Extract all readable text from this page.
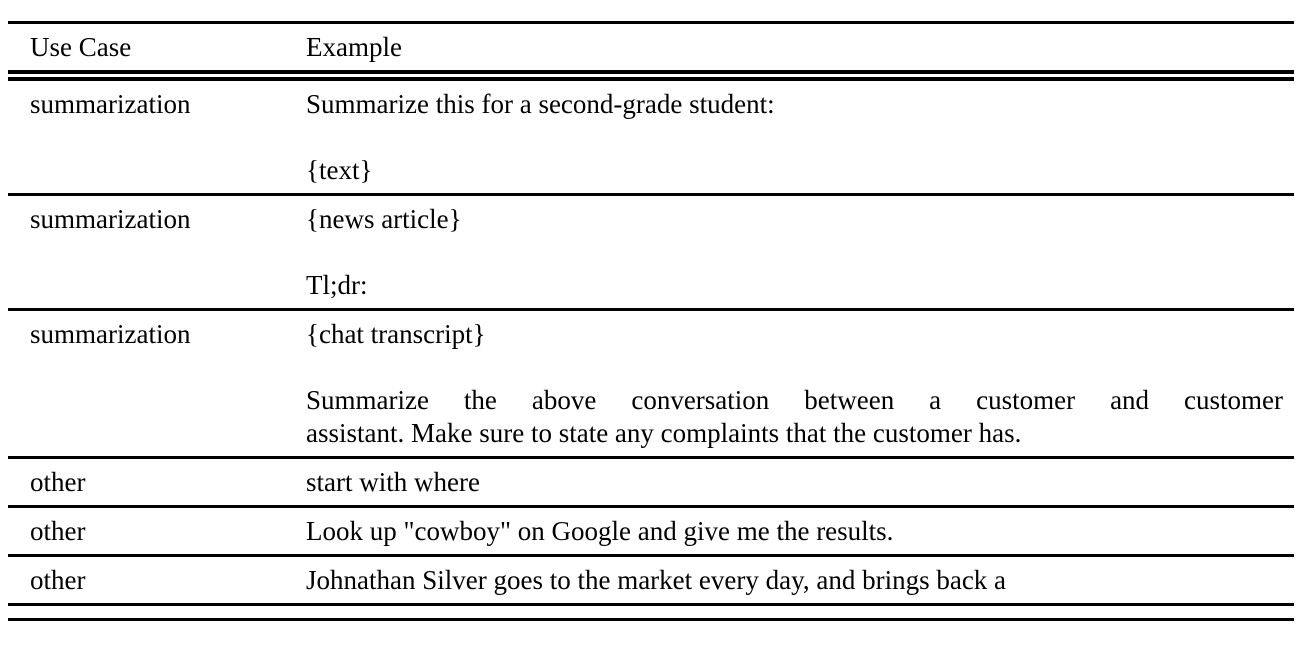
Use Case	Example
summarization	Summarize this for a second-grade student:
{text}

summarization	{news article}
Tl;dr:

summarization	{chat transcript}
Summarize the above conversation between a customer and customer
assistant. Make sure to state any complaints that the customer has.

other	start with where

other	Look up "cowboy" on Google and give me the results.

other	Johnathan Silver goes to the market every day, and brings back a
